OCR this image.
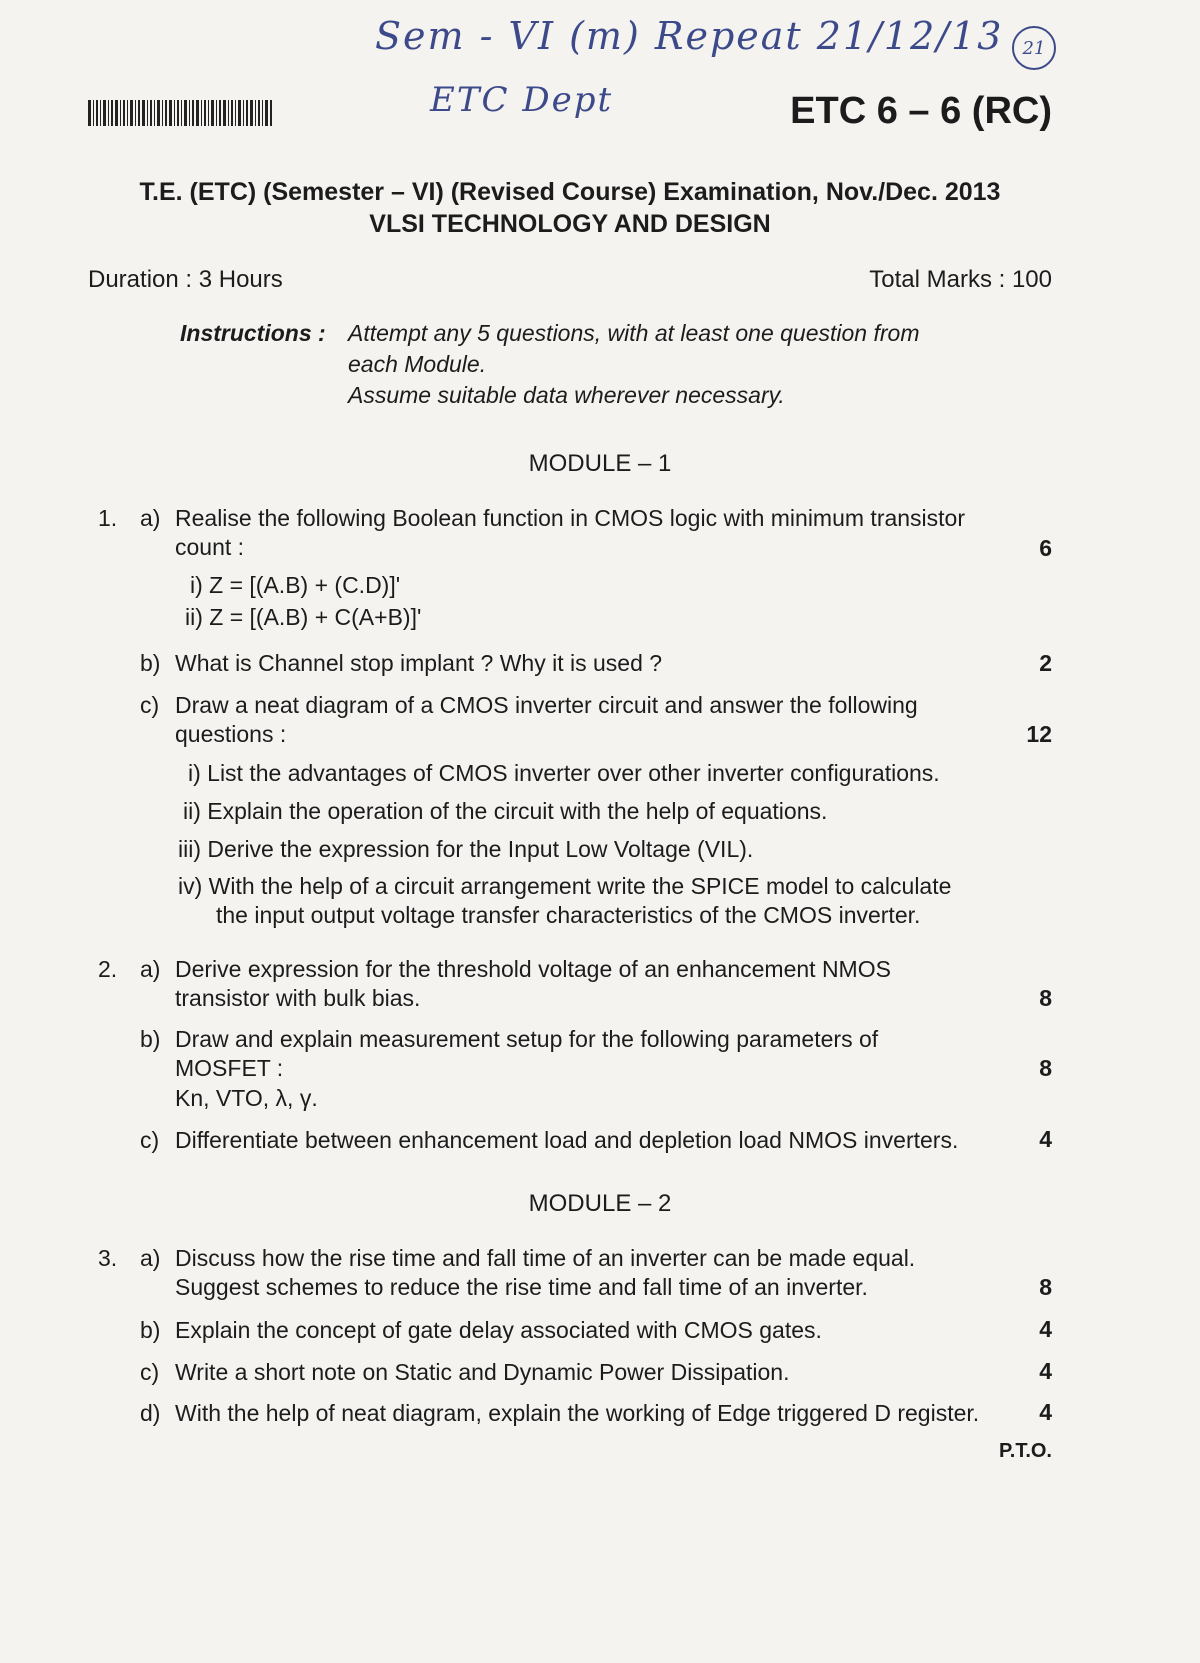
Sem - VI (m) Repeat 21/12/13	21
ETC Dept	ETC 6 – 6 (RC)
T.E. (ETC) (Semester – VI) (Revised Course) Examination, Nov./Dec. 2013
VLSI TECHNOLOGY AND DESIGN
Duration : 3 Hours	Total Marks : 100
Instructions : Attempt any 5 questions, with at least one question from
each Module.
Assume suitable data wherever necessary.
MODULE – 1
1. a) Realise the following Boolean function in CMOS logic with minimum transistor
count :	6
i) Z = [(A.B) + (C.D)]'
ii) Z = [(A.B) + C(A+B)]'
b) What is Channel stop implant ? Why it is used ?	2
c) Draw a neat diagram of a CMOS inverter circuit and answer the following
questions :	12
i) List the advantages of CMOS inverter over other inverter configurations.
ii) Explain the operation of the circuit with the help of equations.
iii) Derive the expression for the Input Low Voltage (VIL).
iv) With the help of a circuit arrangement write the SPICE model to calculate
the input output voltage transfer characteristics of the CMOS inverter.
2. a) Derive expression for the threshold voltage of an enhancement NMOS
transistor with bulk bias.	8
b) Draw and explain measurement setup for the following parameters of
MOSFET :	8
Kn, VTO, λ, γ.
c) Differentiate between enhancement load and depletion load NMOS inverters.	4
MODULE – 2
3. a) Discuss how the rise time and fall time of an inverter can be made equal.
Suggest schemes to reduce the rise time and fall time of an inverter.	8
b) Explain the concept of gate delay associated with CMOS gates.	4
c) Write a short note on Static and Dynamic Power Dissipation.	4
d) With the help of neat diagram, explain the working of Edge triggered D register.	4
P.T.O.
